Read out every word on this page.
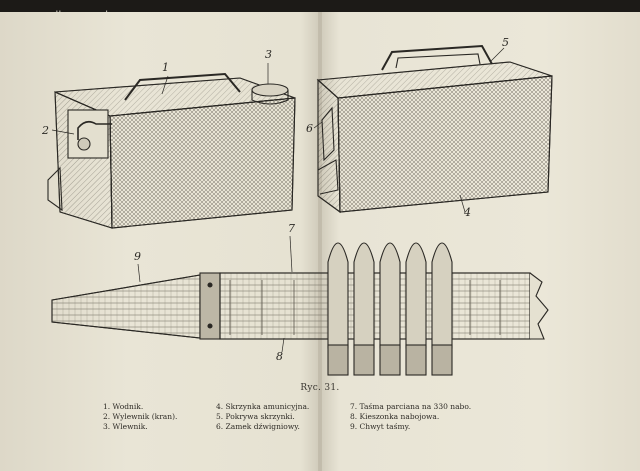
1
2
3
4
5
6
7
8
9
Ryc. 31.
1. Wodnik.
2. Wylewnik (kran).
3. Wlewnik.
4. Skrzynka amunicyjna.
5. Pokrywa skrzynki.
6. Zamek dźwigniowy.
7. Taśma parciana na 330 nabo.
8. Kieszonka nabojowa.
9. Chwyt taśmy.
